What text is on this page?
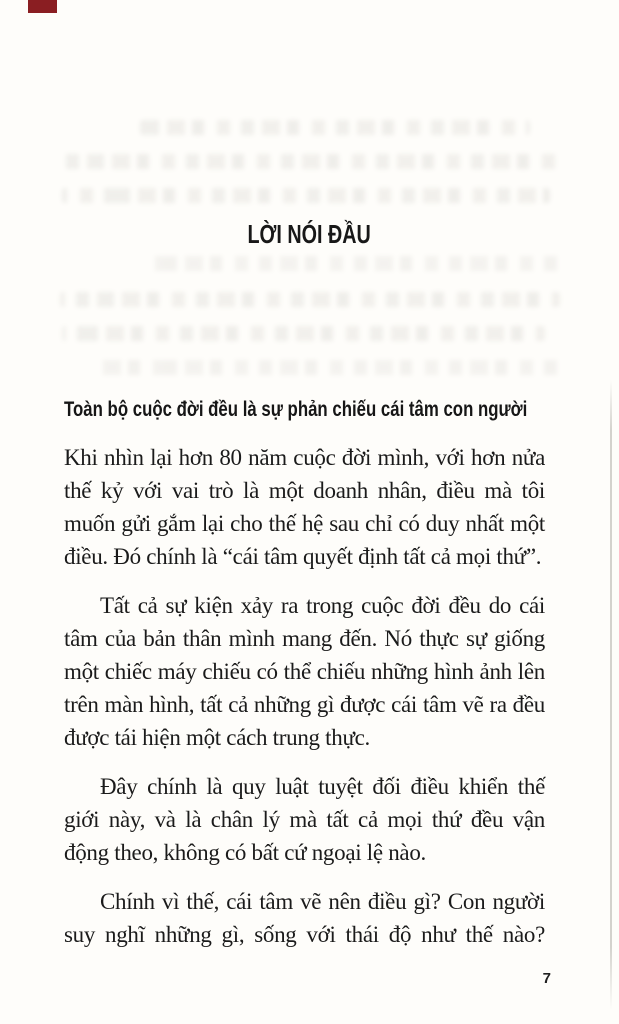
LỜI NÓI ĐẦU
Toàn bộ cuộc đời đều là sự phản chiếu cái tâm con người

Khi nhìn lại hơn 80 năm cuộc đời mình, với hơn nửa thế kỷ với vai trò là một doanh nhân, điều mà tôi muốn gửi gắm lại cho thế hệ sau chỉ có duy nhất một điều. Đó chính là “cái tâm quyết định tất cả mọi thứ”.

Tất cả sự kiện xảy ra trong cuộc đời đều do cái tâm của bản thân mình mang đến. Nó thực sự giống một chiếc máy chiếu có thể chiếu những hình ảnh lên trên màn hình, tất cả những gì được cái tâm vẽ ra đều được tái hiện một cách trung thực.

Đây chính là quy luật tuyệt đối điều khiển thế giới này, và là chân lý mà tất cả mọi thứ đều vận động theo, không có bất cứ ngoại lệ nào.

Chính vì thế, cái tâm vẽ nên điều gì? Con người suy nghĩ những gì, sống với thái độ như thế nào?

7
